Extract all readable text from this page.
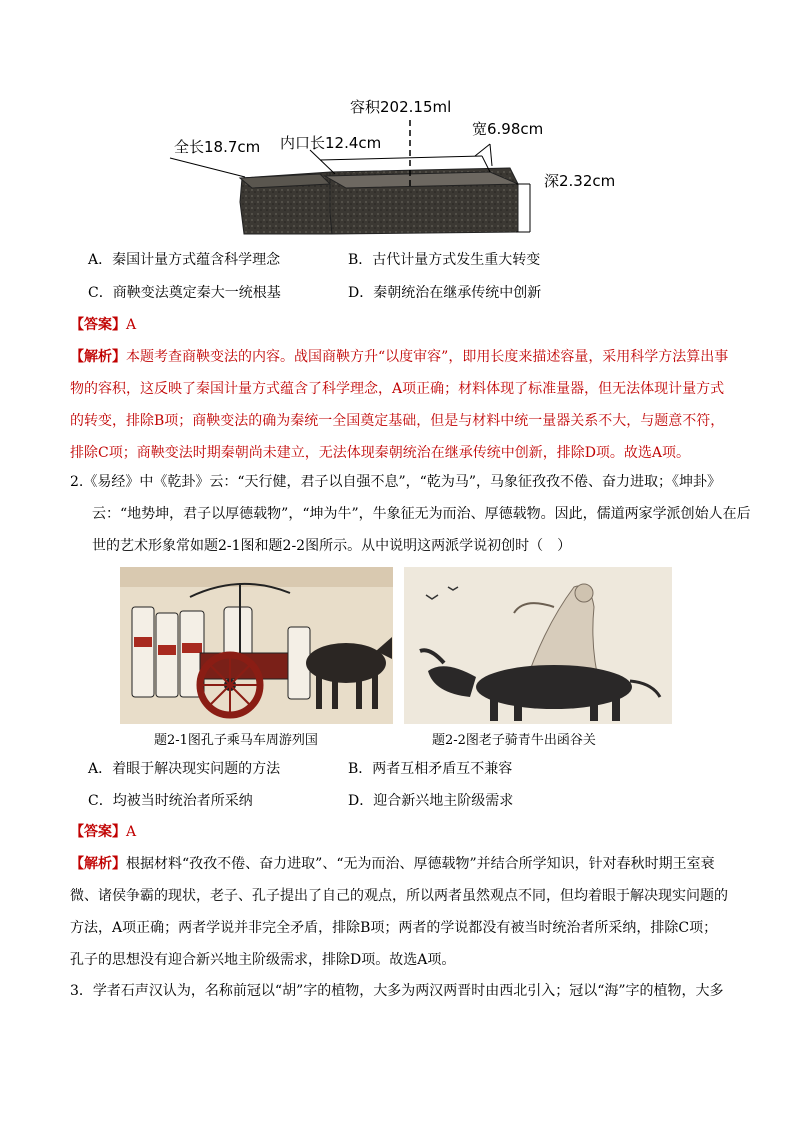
容积202.15ml
全长18.7cm 内口长12.4cm
宽6.98cm
深2.32cm
A．秦国计量方式蕴含科学理念	B．古代计量方式发生重大转变
C．商鞅变法奠定秦大一统根基	D．秦朝统治在继承传统中创新
【答案】A
【解析】本题考查商鞅变法的内容。战国商鞅方升“以度审容”，即用长度来描述容量，采用科学方法算出事物的容积，这反映了秦国计量方式蕴含了科学理念，A项正确；材料体现了标准量器，但无法体现计量方式的转变，排除B项；商鞅变法的确为秦统一全国奠定基础，但是与材料中统一量器关系不大，与题意不符，排除C项；商鞅变法时期秦朝尚未建立，无法体现秦朝统治在继承传统中创新，排除D项。故选A项。
2.《易经》中《乾卦》云：“天行健，君子以自强不息”，“乾为马”，马象征孜孜不倦、奋力进取；《坤卦》云：“地势坤，君子以厚德载物”，“坤为牛”，牛象征无为而治、厚德载物。因此，儒道两家学派创始人在后世的艺术形象常如题2-1图和题2-2图所示。从中说明这两派学说初创时（　）
题2-1图孔子乘马车周游列国	题2-2图老子骑青牛出函谷关
A．着眼于解决现实问题的方法	B．两者互相矛盾互不兼容
C．均被当时统治者所采纳	D．迎合新兴地主阶级需求
【答案】A
【解析】根据材料“孜孜不倦、奋力进取”、“无为而治、厚德载物”并结合所学知识，针对春秋时期王室衰微、诸侯争霸的现状，老子、孔子提出了自己的观点，所以两者虽然观点不同，但均着眼于解决现实问题的方法，A项正确；两者学说并非完全矛盾，排除B项；两者的学说都没有被当时统治者所采纳，排除C项；孔子的思想没有迎合新兴地主阶级需求，排除D项。故选A项。
3．学者石声汉认为，名称前冠以“胡”字的植物，大多为两汉两晋时由西北引入；冠以“海”字的植物，大多
